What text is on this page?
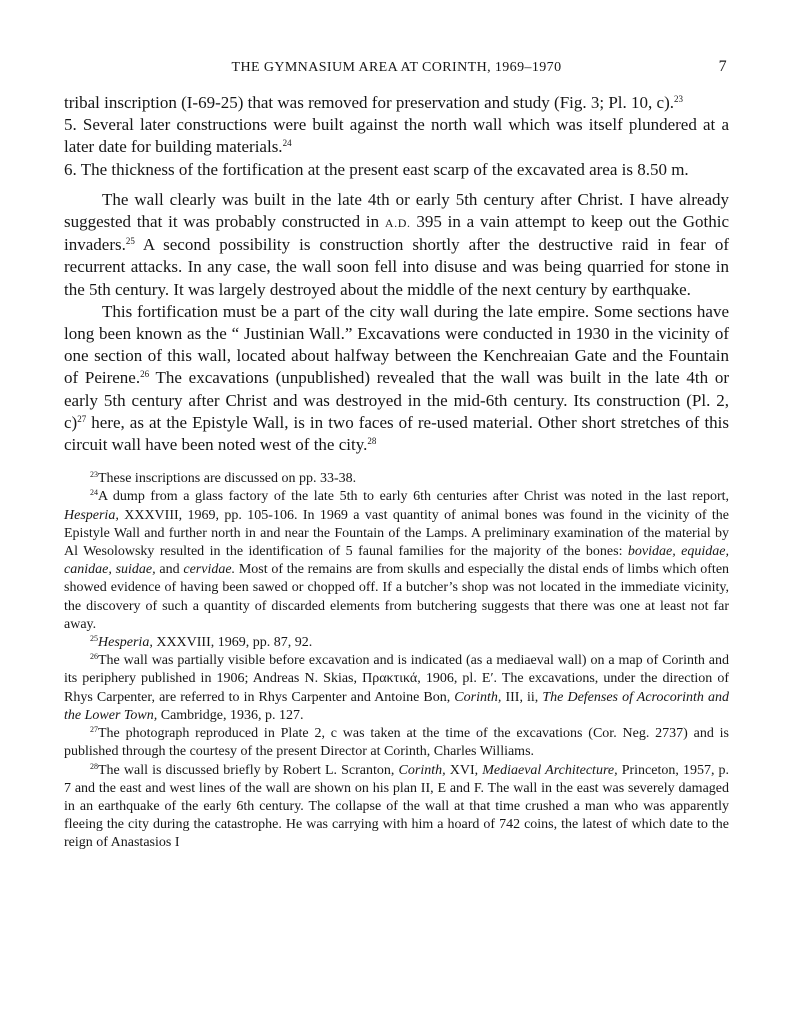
THE GYMNASIUM AREA AT CORINTH, 1969–1970	7

tribal inscription (I-69-25) that was removed for preservation and study (Fig. 3; Pl. 10, c).$^{23}$

5. Several later constructions were built against the north wall which was itself plundered at a later date for building materials.$^{24}$

6. The thickness of the fortification at the present east scarp of the excavated area is 8.50 m.

The wall clearly was built in the late 4th or early 5th century after Christ. I have already suggested that it was probably constructed in A.D. 395 in a vain attempt to keep out the Gothic invaders.$^{25}$ A second possibility is construction shortly after the destructive raid in fear of recurrent attacks. In any case, the wall soon fell into disuse and was being quarried for stone in the 5th century. It was largely destroyed about the middle of the next century by earthquake.

This fortification must be a part of the city wall during the late empire. Some sections have long been known as the “ Justinian Wall.” Excavations were conducted in 1930 in the vicinity of one section of this wall, located about halfway between the Kenchreaian Gate and the Fountain of Peirene.$^{26}$ The excavations (unpublished) revealed that the wall was built in the late 4th or early 5th century after Christ and was destroyed in the mid-6th century. Its construction (Pl. 2, c)$^{27}$ here, as at the Epistyle Wall, is in two faces of re-used material. Other short stretches of this circuit wall have been noted west of the city.$^{28}$

$^{23}$These inscriptions are discussed on pp. 33-38.

$^{24}$A dump from a glass factory of the late 5th to early 6th centuries after Christ was noted in the last report, Hesperia, XXXVIII, 1969, pp. 105-106. In 1969 a vast quantity of animal bones was found in the vicinity of the Epistyle Wall and further north in and near the Fountain of the Lamps. A preliminary examination of the material by Al Wesolowsky resulted in the identification of 5 faunal families for the majority of the bones: bovidae, equidae, canidae, suidae, and cervidae. Most of the remains are from skulls and especially the distal ends of limbs which often showed evidence of having been sawed or chopped off. If a butcher’s shop was not located in the immediate vicinity, the discovery of such a quantity of discarded elements from butchering suggests that there was one at least not far away.

$^{25}$Hesperia, XXXVIII, 1969, pp. 87, 92.

$^{26}$The wall was partially visible before excavation and is indicated (as a mediaeval wall) on a map of Corinth and its periphery published in 1906; Andreas N. Skias, Πρακτικά, 1906, pl. E′. The excavations, under the direction of Rhys Carpenter, are referred to in Rhys Carpenter and Antoine Bon, Corinth, III, ii, The Defenses of Acrocorinth and the Lower Town, Cambridge, 1936, p. 127.

$^{27}$The photograph reproduced in Plate 2, c was taken at the time of the excavations (Cor. Neg. 2737) and is published through the courtesy of the present Director at Corinth, Charles Williams.

$^{28}$The wall is discussed briefly by Robert L. Scranton, Corinth, XVI, Mediaeval Architecture, Princeton, 1957, p. 7 and the east and west lines of the wall are shown on his plan II, E and F. The wall in the east was severely damaged in an earthquake of the early 6th century. The collapse of the wall at that time crushed a man who was apparently fleeing the city during the catastrophe. He was carrying with him a hoard of 742 coins, the latest of which date to the reign of Anastasios I
